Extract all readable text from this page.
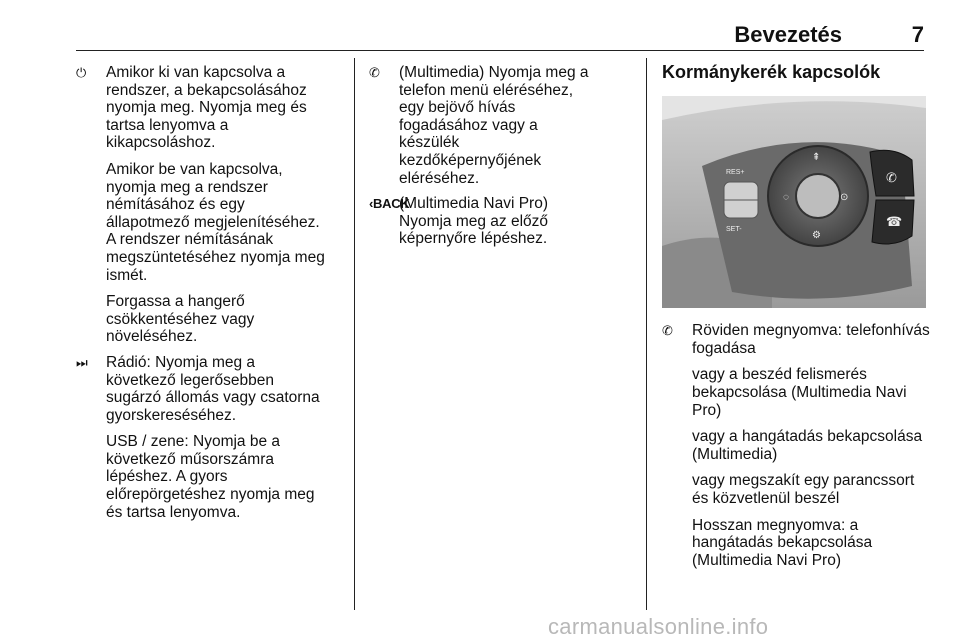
Bevezetés	7
⏻	Amikor ki van kapcsolva a rendszer, a bekapcsolásához nyomja meg. Nyomja meg és tartsa lenyomva a kikapcsoláshoz.

Amikor be van kapcsolva, nyomja meg a rendszer némításához és egy állapotmező megjelenítéséhez. A rendszer némításának megszüntetéséhez nyomja meg ismét.

Forgassa a hangerő csökkentéséhez vagy növeléséhez.

⏭	Rádió: Nyomja meg a következő legerősebben sugárzó állomás vagy csatorna gyorskereséséhez.

USB / zene: Nyomja be a következő műsorszámra lépéshez. A gyors előrepörgetéshez nyomja meg és tartsa lenyomva.

✆	(Multimedia) Nyomja meg a telefon menü eléréséhez, egy bejövő hívás fogadásához vagy a készülék kezdőképernyőjének eléréséhez.

‹BACK

(Multimedia Navi Pro) Nyomja meg az előző képernyőre lépéshez.

Kormánykerék kapcsolók
RES+
SET-
⇞
◌	⊙
⚙
✆
☎
✆	Röviden megnyomva: telefonhívás fogadása

vagy a beszéd felismerés bekapcsolása (Multimedia Navi Pro)

vagy a hangátadás bekapcsolása (Multimedia)

vagy megszakít egy parancssort és közvetlenül beszél

Hosszan megnyomva: a hangátadás bekapcsolása (Multimedia Navi Pro)

carmanualsonline.info
